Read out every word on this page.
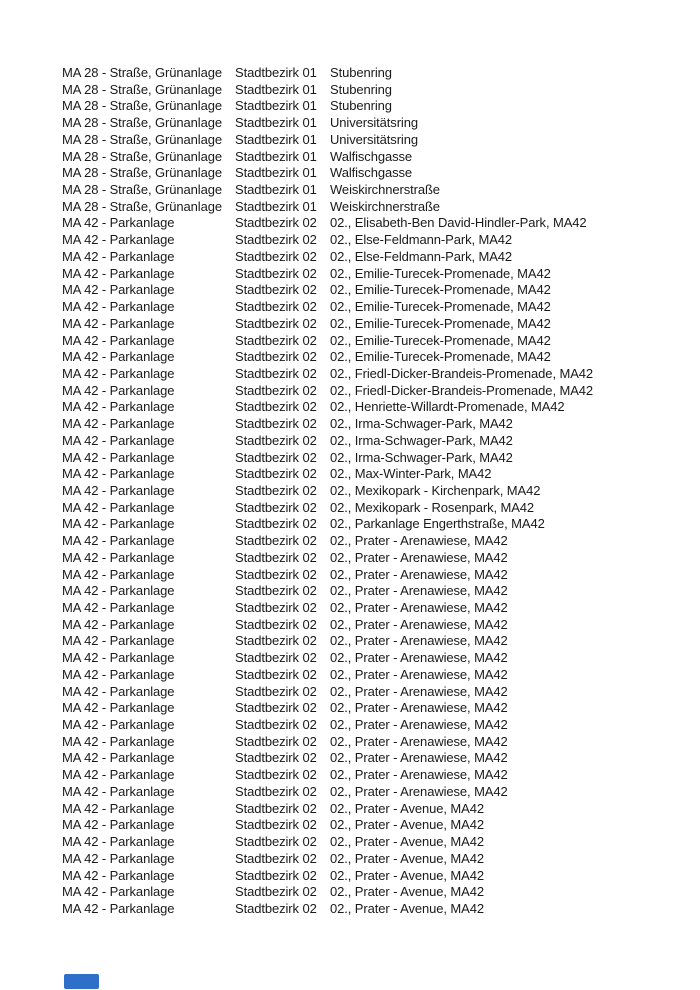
MA 28 - Straße, Grünanlage	Stadtbezirk 01	Stubenring
MA 28 - Straße, Grünanlage	Stadtbezirk 01	Stubenring
MA 28 - Straße, Grünanlage	Stadtbezirk 01	Stubenring
MA 28 - Straße, Grünanlage	Stadtbezirk 01	Universitätsring
MA 28 - Straße, Grünanlage	Stadtbezirk 01	Universitätsring
MA 28 - Straße, Grünanlage	Stadtbezirk 01	Walfischgasse
MA 28 - Straße, Grünanlage	Stadtbezirk 01	Walfischgasse
MA 28 - Straße, Grünanlage	Stadtbezirk 01	Weiskirchnerstraße
MA 28 - Straße, Grünanlage	Stadtbezirk 01	Weiskirchnerstraße
MA 42 - Parkanlage	Stadtbezirk 02	02., Elisabeth-Ben David-Hindler-Park, MA42
MA 42 - Parkanlage	Stadtbezirk 02	02., Else-Feldmann-Park, MA42
MA 42 - Parkanlage	Stadtbezirk 02	02., Else-Feldmann-Park, MA42
MA 42 - Parkanlage	Stadtbezirk 02	02., Emilie-Turecek-Promenade, MA42
MA 42 - Parkanlage	Stadtbezirk 02	02., Emilie-Turecek-Promenade, MA42
MA 42 - Parkanlage	Stadtbezirk 02	02., Emilie-Turecek-Promenade, MA42
MA 42 - Parkanlage	Stadtbezirk 02	02., Emilie-Turecek-Promenade, MA42
MA 42 - Parkanlage	Stadtbezirk 02	02., Emilie-Turecek-Promenade, MA42
MA 42 - Parkanlage	Stadtbezirk 02	02., Emilie-Turecek-Promenade, MA42
MA 42 - Parkanlage	Stadtbezirk 02	02., Friedl-Dicker-Brandeis-Promenade, MA42
MA 42 - Parkanlage	Stadtbezirk 02	02., Friedl-Dicker-Brandeis-Promenade, MA42
MA 42 - Parkanlage	Stadtbezirk 02	02., Henriette-Willardt-Promenade, MA42
MA 42 - Parkanlage	Stadtbezirk 02	02., Irma-Schwager-Park, MA42
MA 42 - Parkanlage	Stadtbezirk 02	02., Irma-Schwager-Park, MA42
MA 42 - Parkanlage	Stadtbezirk 02	02., Irma-Schwager-Park, MA42
MA 42 - Parkanlage	Stadtbezirk 02	02., Max-Winter-Park, MA42
MA 42 - Parkanlage	Stadtbezirk 02	02., Mexikopark - Kirchenpark, MA42
MA 42 - Parkanlage	Stadtbezirk 02	02., Mexikopark - Rosenpark, MA42
MA 42 - Parkanlage	Stadtbezirk 02	02., Parkanlage Engerthstraße, MA42
MA 42 - Parkanlage	Stadtbezirk 02	02., Prater - Arenawiese, MA42
MA 42 - Parkanlage	Stadtbezirk 02	02., Prater - Arenawiese, MA42
MA 42 - Parkanlage	Stadtbezirk 02	02., Prater - Arenawiese, MA42
MA 42 - Parkanlage	Stadtbezirk 02	02., Prater - Arenawiese, MA42
MA 42 - Parkanlage	Stadtbezirk 02	02., Prater - Arenawiese, MA42
MA 42 - Parkanlage	Stadtbezirk 02	02., Prater - Arenawiese, MA42
MA 42 - Parkanlage	Stadtbezirk 02	02., Prater - Arenawiese, MA42
MA 42 - Parkanlage	Stadtbezirk 02	02., Prater - Arenawiese, MA42
MA 42 - Parkanlage	Stadtbezirk 02	02., Prater - Arenawiese, MA42
MA 42 - Parkanlage	Stadtbezirk 02	02., Prater - Arenawiese, MA42
MA 42 - Parkanlage	Stadtbezirk 02	02., Prater - Arenawiese, MA42
MA 42 - Parkanlage	Stadtbezirk 02	02., Prater - Arenawiese, MA42
MA 42 - Parkanlage	Stadtbezirk 02	02., Prater - Arenawiese, MA42
MA 42 - Parkanlage	Stadtbezirk 02	02., Prater - Arenawiese, MA42
MA 42 - Parkanlage	Stadtbezirk 02	02., Prater - Arenawiese, MA42
MA 42 - Parkanlage	Stadtbezirk 02	02., Prater - Arenawiese, MA42
MA 42 - Parkanlage	Stadtbezirk 02	02., Prater - Avenue, MA42
MA 42 - Parkanlage	Stadtbezirk 02	02., Prater - Avenue, MA42
MA 42 - Parkanlage	Stadtbezirk 02	02., Prater - Avenue, MA42
MA 42 - Parkanlage	Stadtbezirk 02	02., Prater - Avenue, MA42
MA 42 - Parkanlage	Stadtbezirk 02	02., Prater - Avenue, MA42
MA 42 - Parkanlage	Stadtbezirk 02	02., Prater - Avenue, MA42
MA 42 - Parkanlage	Stadtbezirk 02	02., Prater - Avenue, MA42
